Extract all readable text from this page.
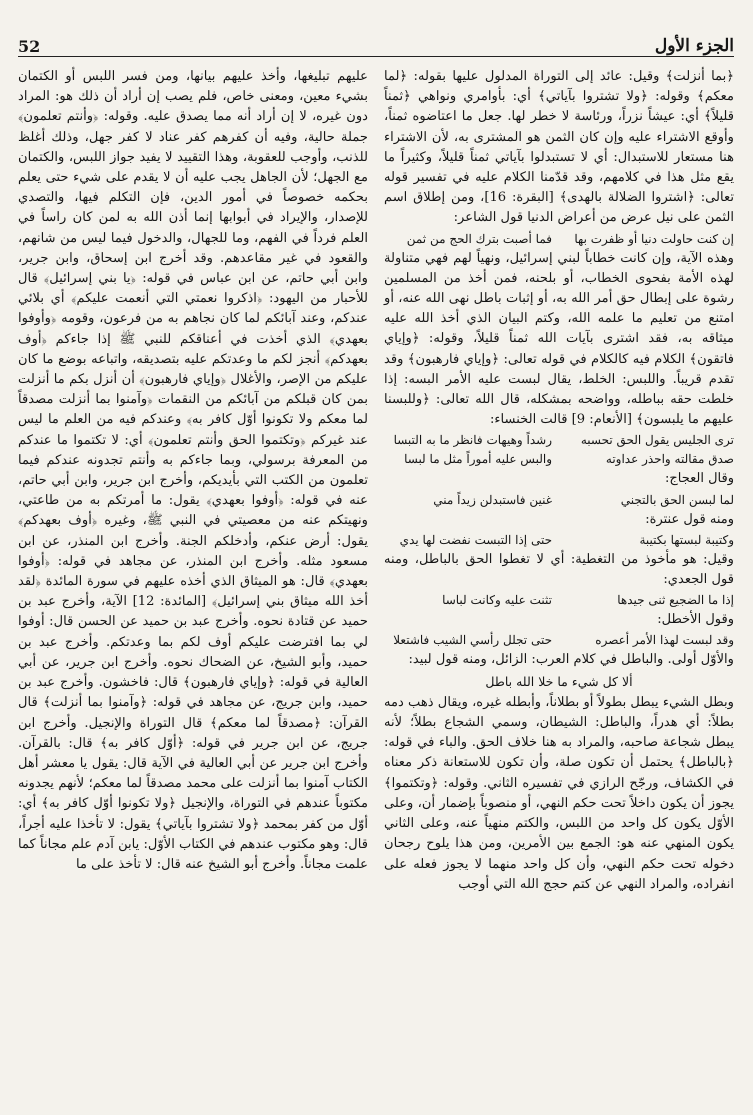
الجزء الأول
52

﴿بما أنزلت﴾ وقيل: عائد إلى التوراة المدلول عليها بقوله: ﴿لما معكم﴾ وقوله: ﴿ولا تشتروا بآياتي﴾ أي: بأوامري ونواهي ﴿ثمناً قليلاً﴾ أي: عيشاً نزراً، ورئاسة لا خطر لها. جعل ما اعتاضوه ثمناً، وأوقع الاشتراء عليه وإن كان الثمن هو المشترى به، لأن الاشتراء هنا مستعار للاستبدال: أي لا تستبدلوا بآياتي ثمناً قليلاً، وكثيراً ما يقع مثل هذا في كلامهم، وقد قدّمنا الكلام عليه في تفسير قوله تعالى: ﴿اشتروا الضلالة بالهدى﴾ [البقرة: 16]، ومن إطلاق اسم الثمن على نيل عرض من أعراض الدنيا قول الشاعر:

إن كنت حاولت دنيا أو ظفرت بها
فما أصبت بترك الحج من ثمن

وهذه الآية، وإن كانت خطاباً لبني إسرائيل، ونهياً لهم فهي متناولة لهذه الأمة بفحوى الخطاب، أو بلحنه، فمن أخذ من المسلمين رشوة على إبطال حق أمر الله به، أو إثبات باطل نهى الله عنه، أو امتنع من تعليم ما علمه الله، وكتم البيان الذي أخذ الله عليه ميثاقه به، فقد اشترى بآيات الله ثمناً قليلاً، وقوله: ﴿وإياي فاتقون﴾ الكلام فيه كالكلام في قوله تعالى: ﴿وإياي فارهبون﴾ وقد تقدم قريباً. واللبس: الخلط، يقال لبست عليه الأمر البسه: إذا خلطت حقه بباطله، وواضحه بمشكله، قال الله تعالى: ﴿وللبسنا عليهم ما يلبسون﴾ [الأنعام: 9] قالت الخنساء:

ترى الجليس يقول الحق تحسبه
رشداً وهيهات فانظر ما به التبسا
صدق مقالته واحذر عداوته
والبس عليه أموراً مثل ما لبسا

وقال العجاج:

لما لبسن الحق بالتجني
غنين فاستبدلن زيداً مني

ومنه قول عنترة:

وكتيبة لبستها بكتيبة
حتى إذا التبست نفضت لها يدي

وقيل: هو مأخوذ من التغطية: أي لا تغطوا الحق بالباطل، ومنه قول الجعدي:

إذا ما الضجيع ثنى جيدها
تثنت عليه وكانت لباسا

وقول الأخطل:

وقد لبست لهذا الأمر أعصره
حتى تجلل رأسي الشيب فاشتعلا

والأوّل أولى. والباطل في كلام العرب: الزائل، ومنه قول لبيد:

ألا كل شيء ما خلا الله باطل

وبطل الشيء يبطل بطولاً أو بطلاناً، وأبطله غيره، ويقال ذهب دمه بطلاً: أي هدراً، والباطل: الشيطان، وسمي الشجاع بطلاً؛ لأنه يبطل شجاعة صاحبه، والمراد به هنا خلاف الحق. والباء في قوله: ﴿بالباطل﴾ يحتمل أن تكون صلة، وأن تكون للاستعانة ذكر معناه في الكشاف، ورجّح الرازي في تفسيره الثاني. وقوله: ﴿وتكتموا﴾ يجوز أن يكون داخلاً تحت حكم النهي، أو منصوباً بإضمار أن، وعلى الأوّل يكون كل واحد من اللبس، والكتم منهياً عنه، وعلى الثاني يكون المنهي عنه هو: الجمع بين الأمرين، ومن هذا يلوح رجحان دخوله تحت حكم النهي، وأن كل واحد منهما لا يجوز فعله على انفراده، والمراد النهي عن كتم حجج الله التي أوجب

عليهم تبليغها، وأخذ عليهم بيانها، ومن فسر اللبس أو الكتمان بشيء معين، ومعنى خاص، فلم يصب إن أراد أن ذلك هو: المراد دون غيره، لا إن أراد أنه مما يصدق عليه. وقوله: ﴿وأنتم تعلمون﴾ جملة حالية، وفيه أن كفرهم كفر عناد لا كفر جهل، وذلك أغلظ للذنب، وأوجب للعقوبة، وهذا التقييد لا يفيد جواز اللبس، والكتمان مع الجهل؛ لأن الجاهل يجب عليه أن لا يقدم على شيء حتى يعلم بحكمه خصوصاً في أمور الدين، فإن التكلم فيها، والتصدي للإصدار، والإيراد في أبوابها إنما أذن الله به لمن كان راساً في العلم فرداً في الفهم، وما للجهال، والدخول فيما ليس من شانهم، والقعود في غير مقاعدهم. وقد أخرج ابن إسحاق، وابن جرير، وابن أبي حاتم، عن ابن عباس في قوله: ﴿يا بني إسرائيل﴾ قال للأحبار من اليهود: ﴿اذكروا نعمتي التي أنعمت عليكم﴾ أي بلائي عندكم، وعند آبائكم لما كان نجاهم به من فرعون، وقومه ﴿وأوفوا بعهدي﴾ الذي أخذت في أعناقكم للنبي ﷺ إذا جاءكم ﴿أوف بعهدكم﴾ أنجز لكم ما وعدتكم عليه بتصديقه، واتباعه بوضع ما كان عليكم من الإصر، والأغلال ﴿وإياي فارهبون﴾ أن أنزل بكم ما أنزلت بمن كان قبلكم من آبائكم من النقمات ﴿وآمنوا بما أنزلت مصدقاً لما معكم ولا تكونوا أوّل كافر به﴾ وعندكم فيه من العلم ما ليس عند غيركم ﴿وتكتموا الحق وأنتم تعلمون﴾ أي: لا تكتموا ما عندكم من المعرفة برسولي، وبما جاءكم به وأنتم تجدونه عندكم فيما تعلمون من الكتب التي بأيديكم، وأخرج ابن جرير، وابن أبي حاتم، عنه في قوله: ﴿أوفوا بعهدي﴾ يقول: ما أمرتكم به من طاعتي، ونهيتكم عنه من معصيتي في النبي ﷺ، وغيره ﴿أوف بعهدكم﴾ يقول: أرض عنكم، وأدخلكم الجنة. وأخرج ابن المنذر، عن ابن مسعود مثله. وأخرج ابن المنذر، عن مجاهد في قوله: ﴿أوفوا بعهدي﴾ قال: هو الميثاق الذي أخذه عليهم في سورة المائدة ﴿لقد أخذ الله ميثاق بني إسرائيل﴾ [المائدة: 12] الآية، وأخرج عبد بن حميد عن قتادة نحوه. وأخرج عبد بن حميد عن الحسن قال: أوفوا لي بما افترضت عليكم أوف لكم بما وعدتكم. وأخرج عبد بن حميد، وأبو الشيخ، عن الضحاك نحوه. وأخرج ابن جرير، عن أبي العالية في قوله: ﴿وإياي فارهبون﴾ قال: فاخشون. وأخرج عبد بن حميد، وابن جريج، عن مجاهد في قوله: ﴿وآمنوا بما أنزلت﴾ قال القرآن: ﴿مصدقاً لما معكم﴾ قال التوراة والإنجيل. وأخرج ابن جريج، عن ابن جرير في قوله: ﴿أوّل كافر به﴾ قال: بالقرآن. وأخرج ابن جرير عن أبي العالية في الآية قال: يقول يا معشر أهل الكتاب آمنوا بما أنزلت على محمد مصدقاً لما معكم؛ لأنهم يجدونه مكتوباً عندهم في التوراة، والإنجيل ﴿ولا تكونوا أوّل كافر به﴾ أي: أوّل من كفر بمحمد ﴿ولا تشتروا بآياتي﴾ يقول: لا تأخذا عليه أجراً، قال: وهو مكتوب عندهم في الكتاب الأوّل: يابن آدم علم مجاناً كما علمت مجاناً. وأخرج أبو الشيخ عنه قال: لا تأخذ على ما
